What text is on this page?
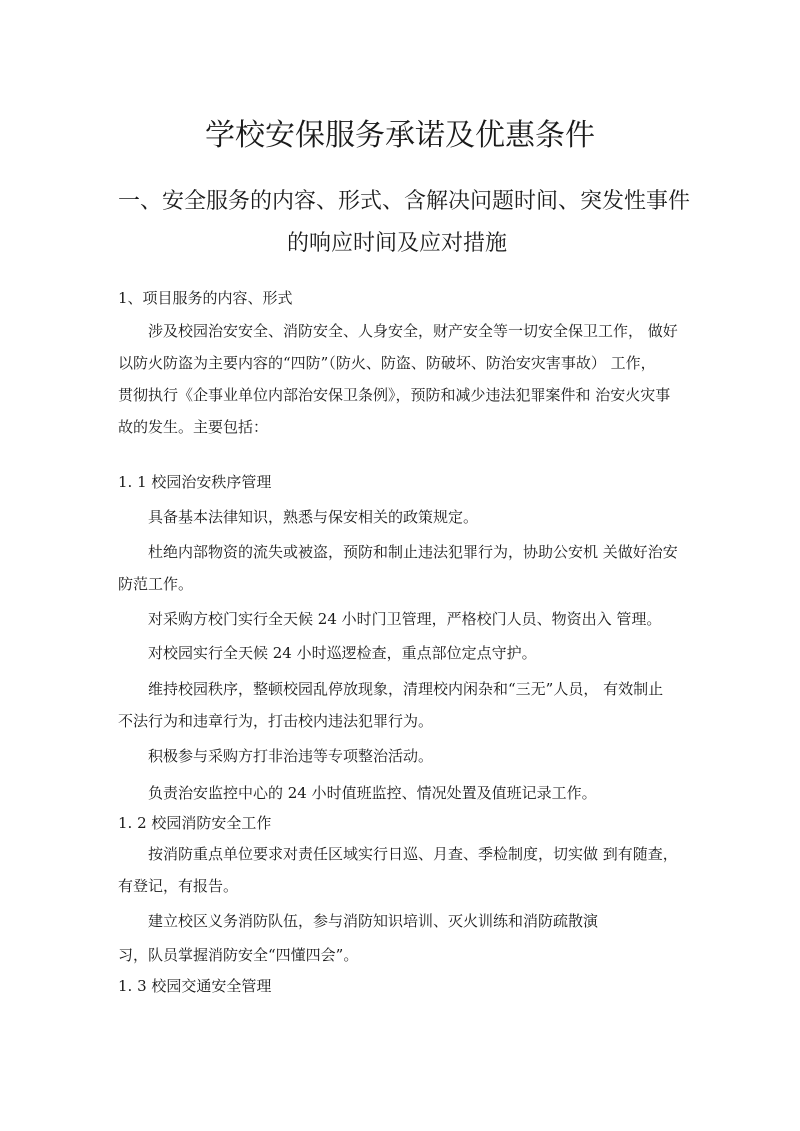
学校安保服务承诺及优惠条件
一、安全服务的内容、形式、含解决问题时间、突发性事件
的响应时间及应对措施
1、项目服务的内容、形式
涉及校园治安安全、消防安全、人身安全，财产安全等一切安全保卫工作， 做好
以防火防盗为主要内容的“四防”（防火、防盗、防破坏、防治安灾害事故） 工作，
贯彻执行《企事业单位内部治安保卫条例》，预防和减少违法犯罪案件和 治安火灾事
故的发生。主要包括：
1. 1 校园治安秩序管理
具备基本法律知识，熟悉与保安相关的政策规定。
杜绝内部物资的流失或被盗，预防和制止违法犯罪行为，协助公安机 关做好治安
防范工作。
对采购方校门实行全天候 24 小时门卫管理，严格校门人员、物资出入 管理。
对校园实行全天候 24 小时巡逻检查，重点部位定点守护。
维持校园秩序，整顿校园乱停放现象，清理校内闲杂和“三无”人员， 有效制止
不法行为和违章行为，打击校内违法犯罪行为。
积极参与采购方打非治违等专项整治活动。
负责治安监控中心的 24 小时值班监控、情况处置及值班记录工作。
1. 2 校园消防安全工作
按消防重点单位要求对责任区域实行日巡、月查、季检制度，切实做 到有随查，
有登记，有报告。
建立校区义务消防队伍，参与消防知识培训、灭火训练和消防疏散演
习，队员掌握消防安全“四懂四会”。
1. 3 校园交通安全管理
